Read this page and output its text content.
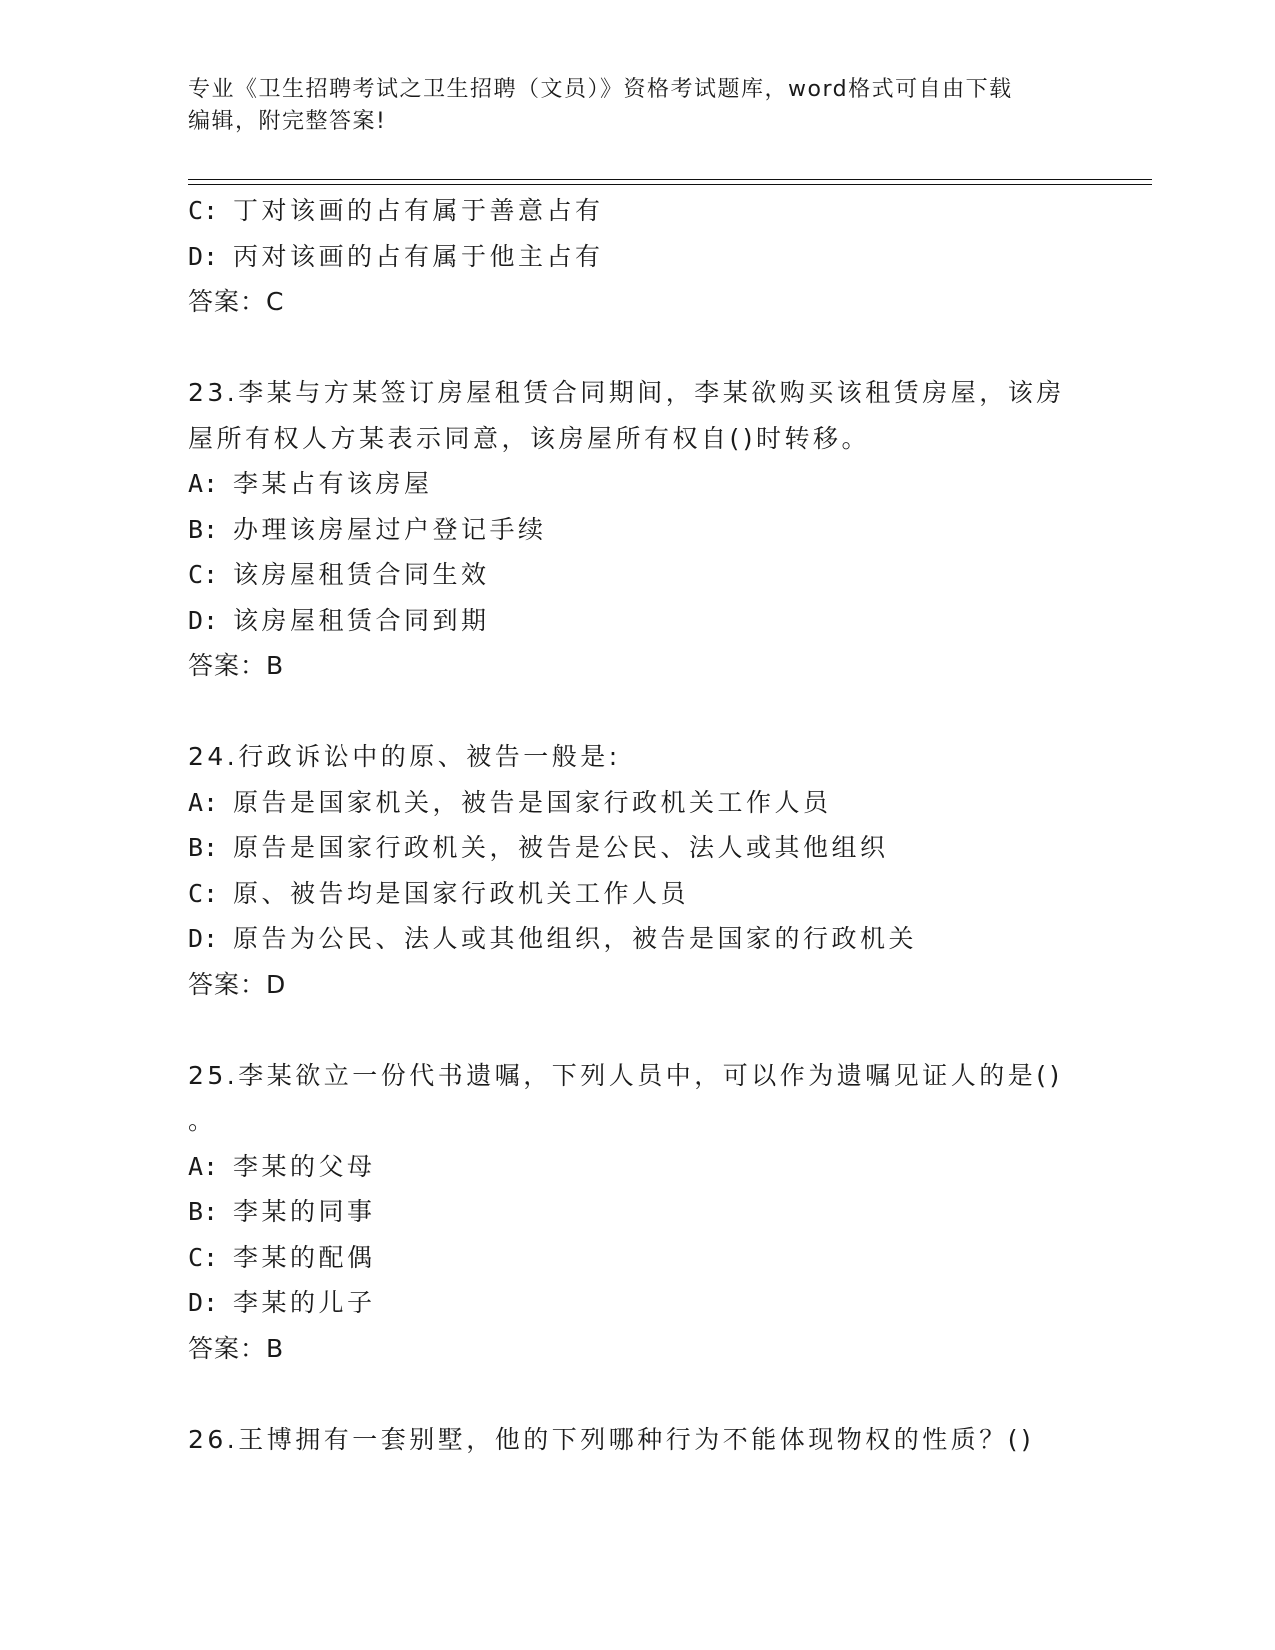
专业《卫生招聘考试之卫生招聘（文员）》资格考试题库，word格式可自由下载
编辑，附完整答案!
C: 丁对该画的占有属于善意占有
D: 丙对该画的占有属于他主占有
答案：C
23.李某与方某签订房屋租赁合同期间，李某欲购买该租赁房屋，该房
屋所有权人方某表示同意，该房屋所有权自()时转移。
A: 李某占有该房屋
B: 办理该房屋过户登记手续
C: 该房屋租赁合同生效
D: 该房屋租赁合同到期
答案：B
24.行政诉讼中的原、被告一般是:
A: 原告是国家机关，被告是国家行政机关工作人员
B: 原告是国家行政机关，被告是公民、法人或其他组织
C: 原、被告均是国家行政机关工作人员
D: 原告为公民、法人或其他组织，被告是国家的行政机关
答案：D
25.李某欲立一份代书遗嘱，下列人员中，可以作为遗嘱见证人的是()
。
A: 李某的父母
B: 李某的同事
C: 李某的配偶
D: 李某的儿子
答案：B
26.王博拥有一套别墅，他的下列哪种行为不能体现物权的性质？()
